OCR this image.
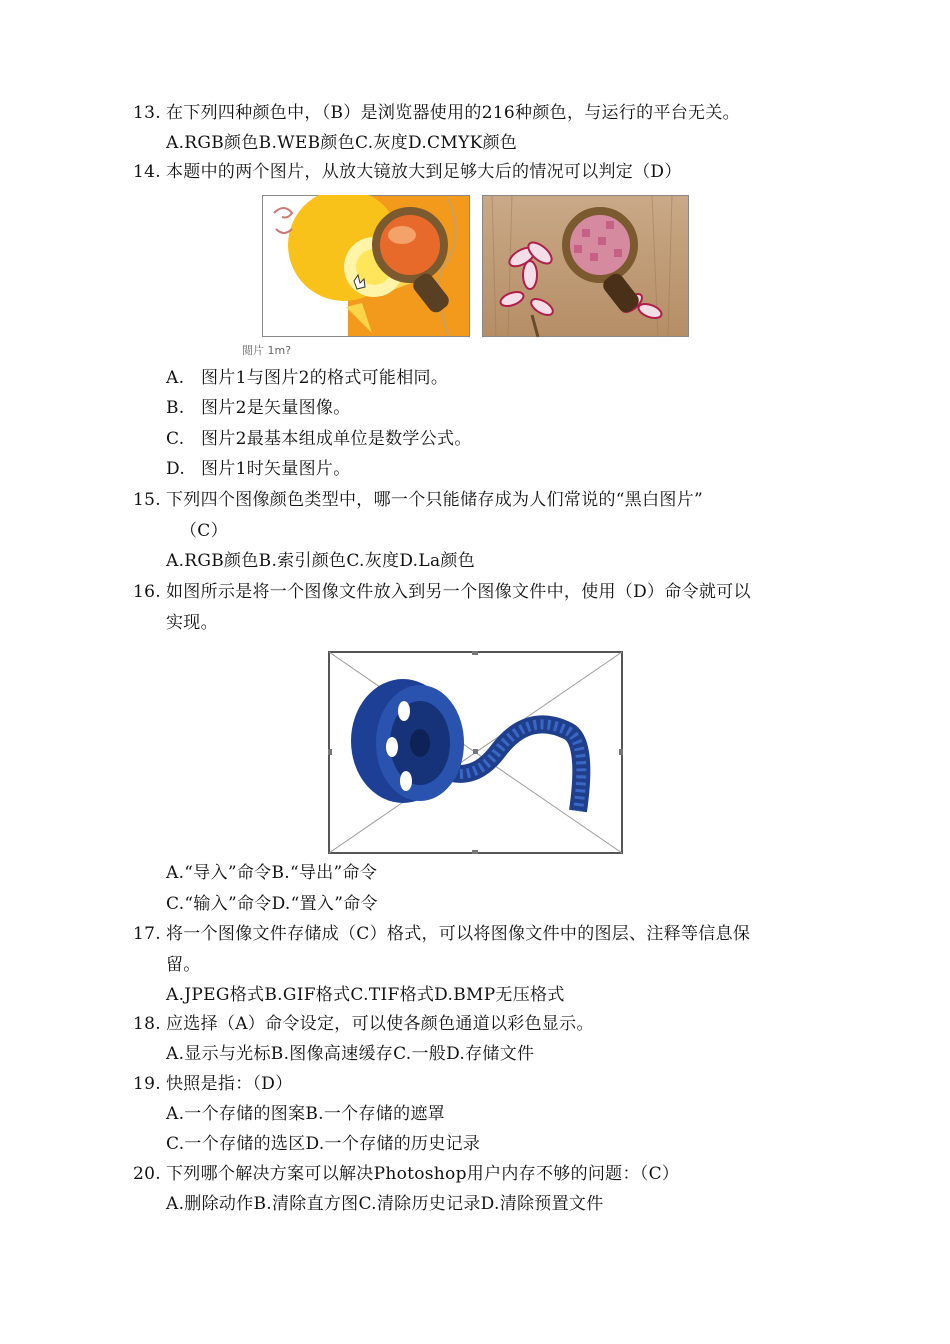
13. 在下列四种颜色中，（B）是浏览器使用的216种颜色，与运行的平台无关。
A.RGB颜色B.WEB颜色C.灰度D.CMYK颜色
14. 本题中的两个图片，从放大镜放大到足够大后的情况可以判定（D）
閲片 1m?
A. 图片1与图片2的格式可能相同。
B. 图片2是矢量图像。
C. 图片2最基本组成单位是数学公式。
D. 图片1时矢量图片。
15. 下列四个图像颜色类型中，哪一个只能储存成为人们常说的“黑白图片”
（C）
A.RGB颜色B.索引颜色C.灰度D.La颜色
16. 如图所示是将一个图像文件放入到另一个图像文件中，使用（D）命令就可以
实现。
A.“导入”命令B.“导出”命令
C.“输入”命令D.“置入”命令
17. 将一个图像文件存储成（C）格式，可以将图像文件中的图层、注释等信息保
留。
A.JPEG格式B.GIF格式C.TIF格式D.BMP无压格式
18. 应选择（A）命令设定，可以使各颜色通道以彩色显示。
A.显示与光标B.图像高速缓存C.一般D.存储文件
19. 快照是指：（D）
A.一个存储的图案B.一个存储的遮罩
C.一个存储的选区D.一个存储的历史记录
20. 下列哪个解决方案可以解决Photoshop用户内存不够的问题：（C）
A.删除动作B.清除直方图C.清除历史记录D.清除预置文件
